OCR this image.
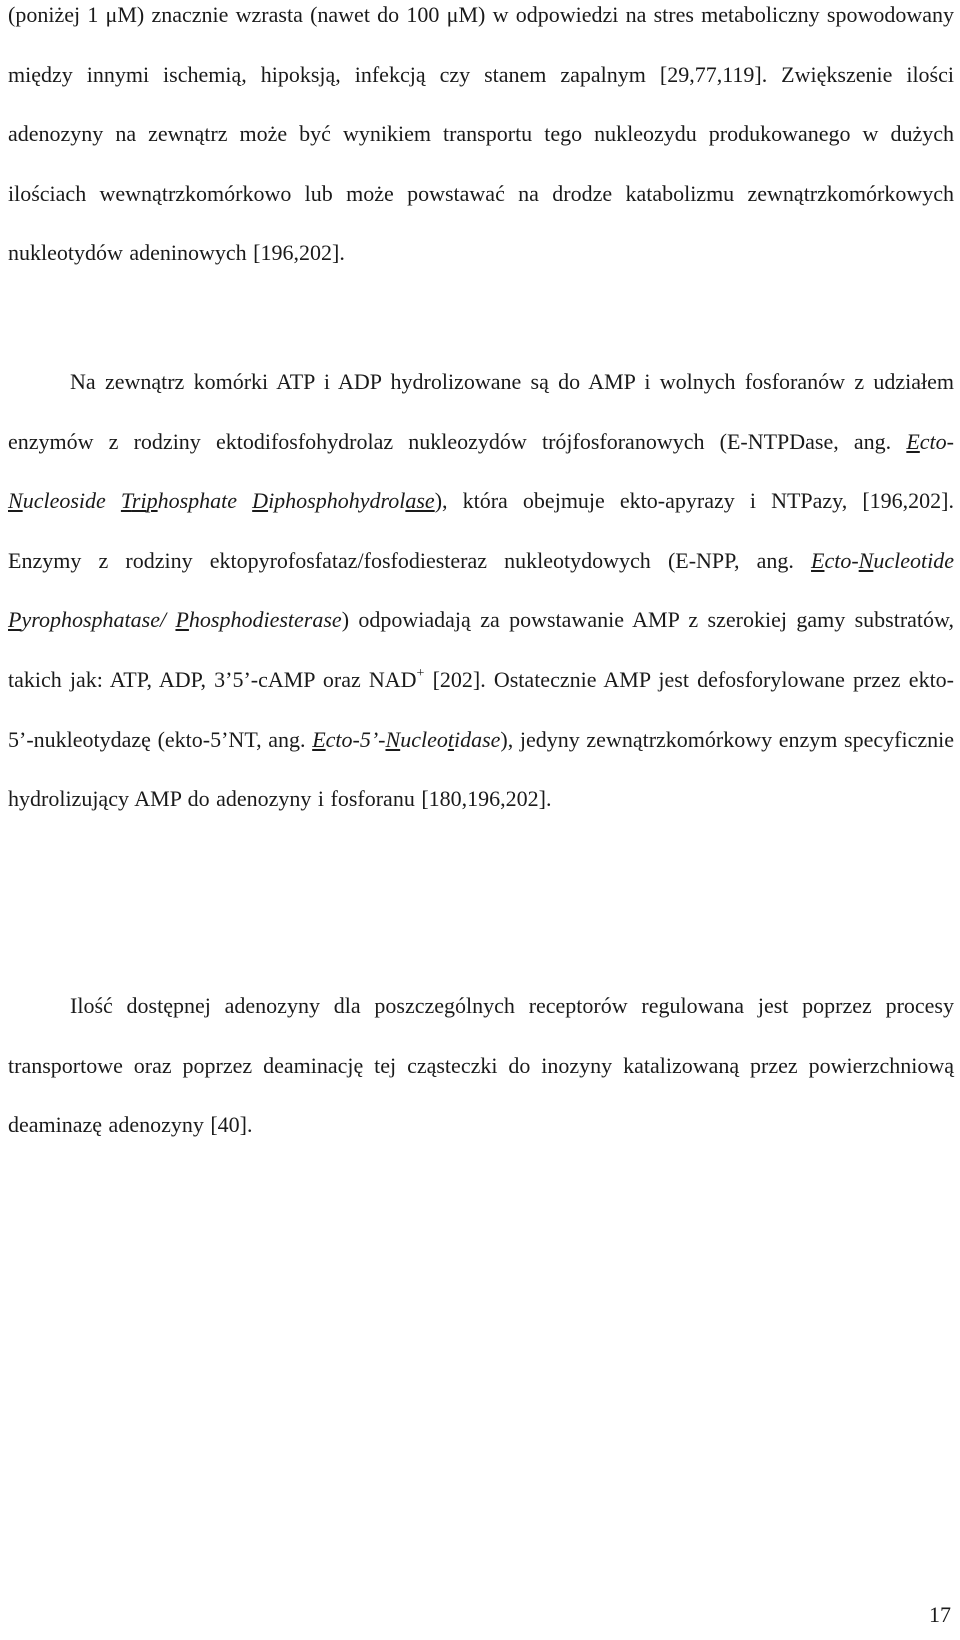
(poniżej 1 μM) znacznie wzrasta (nawet do 100 μM) w odpowiedzi na stres metaboliczny spowodowany między innymi ischemią, hipoksją, infekcją czy stanem zapalnym [29,77,119]. Zwiększenie ilości adenozyny na zewnątrz może być wynikiem transportu tego nukleozydu produkowanego w dużych ilościach wewnątrzkomórkowo lub może powstawać na drodze katabolizmu zewnątrzkomórkowych nukleotydów adeninowych [196,202].

Na zewnątrz komórki ATP i ADP hydrolizowane są do AMP i wolnych fosforanów z udziałem enzymów z rodziny ektodifosfohydrolaz nukleozydów trójfosforanowych (E-NTPDase, ang. Ecto-Nucleoside Triphosphate Diphosphohydrolase), która obejmuje ekto-apyrazy i NTPazy, [196,202]. Enzymy z rodziny ektopyrofosfataz/fosfodiesteraz nukleotydowych (E-NPP, ang. Ecto-Nucleotide Pyrophosphatase/ Phosphodiesterase) odpowiadają za powstawanie AMP z szerokiej gamy substratów, takich jak: ATP, ADP, 3’5’-cAMP oraz NAD+ [202]. Ostatecznie AMP jest defosforylowane przez ekto-5’-nukleotydazę (ekto-5’NT, ang. Ecto-5’-Nucleotidase), jedyny zewnątrzkomórkowy enzym specyficznie hydrolizujący AMP do adenozyny i fosforanu [180,196,202].

Ilość dostępnej adenozyny dla poszczególnych receptorów regulowana jest poprzez procesy transportowe oraz poprzez deaminację tej cząsteczki do inozyny katalizowaną przez powierzchniową deaminazę adenozyny [40].

17
